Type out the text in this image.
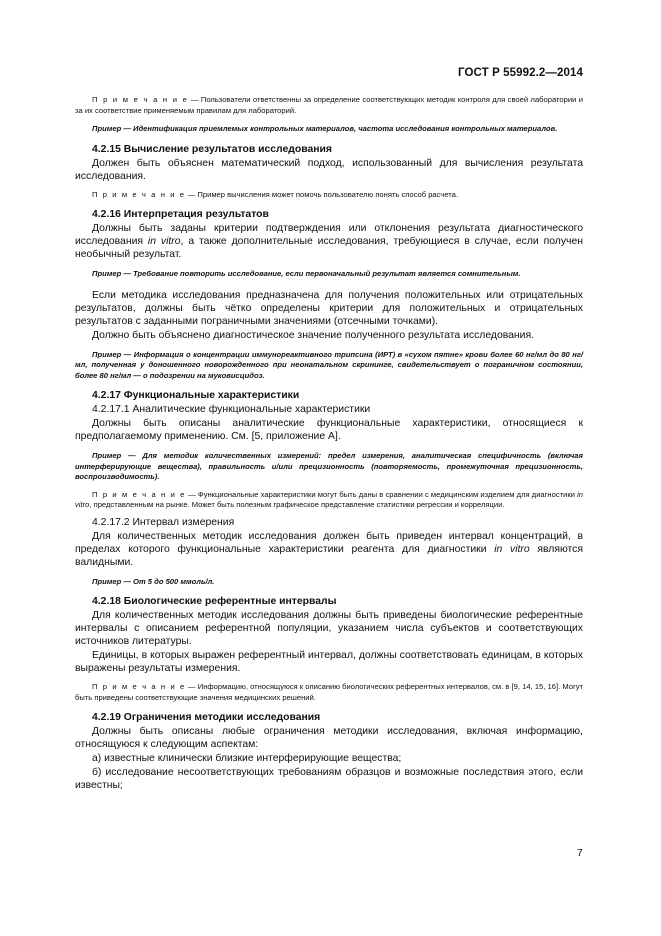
ГОСТ Р 55992.2—2014

П р и м е ч а н и е — Пользователи ответственны за определение соответствующих методик контроля для своей лаборатории и за их соответствие применяемым правилам для лабораторий.

Пример — Идентификация приемлемых контрольных материалов, частота исследования контрольных материалов.

4.2.15 Вычисление результатов исследования

Должен быть объяснен математический подход, использованный для вычисления результата исследования.

П р и м е ч а н и е — Пример вычисления может помочь пользователю понять способ расчета.

4.2.16 Интерпретация результатов

Должны быть заданы критерии подтверждения или отклонения результата диагностического исследования in vitro, а также дополнительные исследования, требующиеся в случае, если получен необычный результат.

Пример — Требование повторить исследование, если первоначальный результат является сомнительным.

Если методика исследования предназначена для получения положительных или отрицательных результатов, должны быть чётко определены критерии для положительных и отрицательных результатов с заданными пограничными значениями (отсечными точками).

Должно быть объяснено диагностическое значение полученного результата исследования.

Пример — Информация о концентрации иммунореактивного трипсина (ИРТ) в «сухом пятне» крови более 60 нг/мл до 80 нг/мл, полученная у доношенного новорожденного при неонатальном скрининге, свидетельствует о пограничном состоянии, более 80 нг/мл — о подозрении на муковисцидоз.

4.2.17 Функциональные характеристики

4.2.17.1 Аналитические функциональные характеристики

Должны быть описаны аналитические функциональные характеристики, относящиеся к предполагаемому применению. См. [5, приложение А].

Пример — Для методик количественных измерений: предел измерения, аналитическая специфичность (включая интерферирующие вещества), правильность и/или прецизионность (повторяемость, промежуточная прецизионность, воспроизводимость).

П р и м е ч а н и е — Функциональные характеристики могут быть даны в сравнении с медицинским изделием для диагностики in vitro, представленным на рынке. Может быть полезным графическое представление статистики регрессии и корреляции.

4.2.17.2 Интервал измерения

Для количественных методик исследования должен быть приведен интервал концентраций, в пределах которого функциональные характеристики реагента для диагностики in vitro являются валидными.

Пример — От 5 до 500 ммоль/л.

4.2.18 Биологические референтные интервалы

Для количественных методик исследования должны быть приведены биологические референтные интервалы с описанием референтной популяции, указанием числа субъектов и соответствующих источников литературы.

Единицы, в которых выражен референтный интервал, должны соответствовать единицам, в которых выражены результаты измерения.

П р и м е ч а н и е — Информацию, относящуюся к описанию биологических референтных интервалов, см. в [9, 14, 15, 16]. Могут быть приведены соответствующие значения медицинских решений.

4.2.19 Ограничения методики исследования

Должны быть описаны любые ограничения методики исследования, включая информацию, относящуюся к следующим аспектам:

а) известные клинически близкие интерферирующие вещества;

б) исследование несоответствующих требованиям образцов и возможные последствия этого, если известны;

7
